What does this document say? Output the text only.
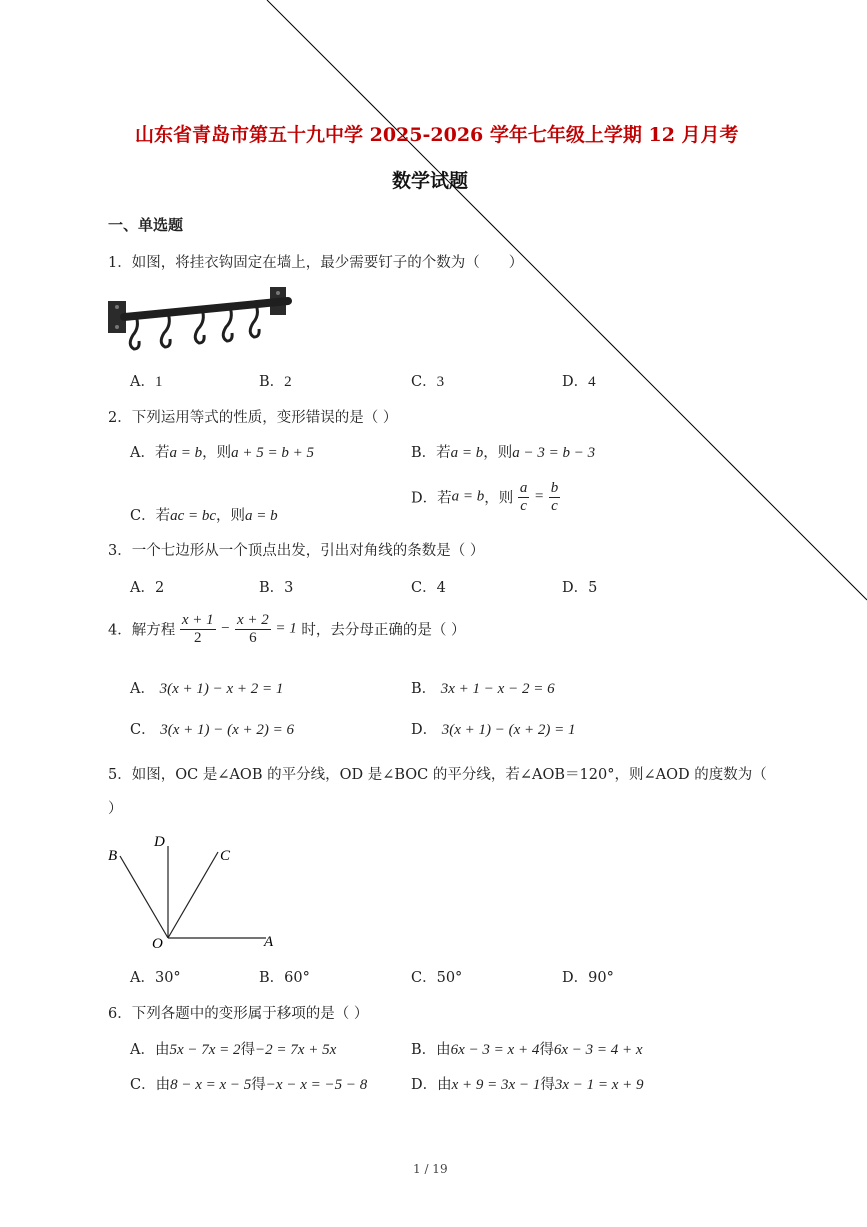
山东省青岛市第五十九中学 2025-2026 学年七年级上学期 12 月月考
数学试题
一、单选题
1．如图，将挂衣钩固定在墙上，最少需要钉子的个数为（　　）
A．1	B．2	C．3	D．4
2．下列运用等式的性质，变形错误的是（ ）
A．若a = b，则a + 5 = b + 5	B．若a = b，则a − 3 = b − 3
C．若ac = bc，则a = b
D．若a = b，则 $\frac{a}{c} = \frac{b}{c}$
3．一个七边形从一个顶点出发，引出对角线的条数是（ ）
A．2	B．3	C．4	D．5
4．解方程 $\frac{x + 1}{2} - \frac{x + 2}{6} = 1$ 时，去分母正确的是（ ）
A． 3(x + 1) − x + 2 = 1	B． 3x + 1 − x − 2 = 6
C． 3(x + 1) − (x + 2) = 6	D． 3(x + 1) − (x + 2) = 1
5．如图，OC 是∠AOB 的平分线，OD 是∠BOC 的平分线，若∠AOB＝120°，则∠AOD 的度数为（
）
B
D
C
O	A
A．30°	B．60°	C．50°	D．90°
6．下列各题中的变形属于移项的是（ ）
A．由5x − 7x = 2得−2 = 7x + 5x	B．由6x − 3 = x + 4得6x − 3 = 4 + x
C．由8 − x = x − 5得−x − x = −5 − 8	D．由x + 9 = 3x − 1得3x − 1 = x + 9
1 / 19
